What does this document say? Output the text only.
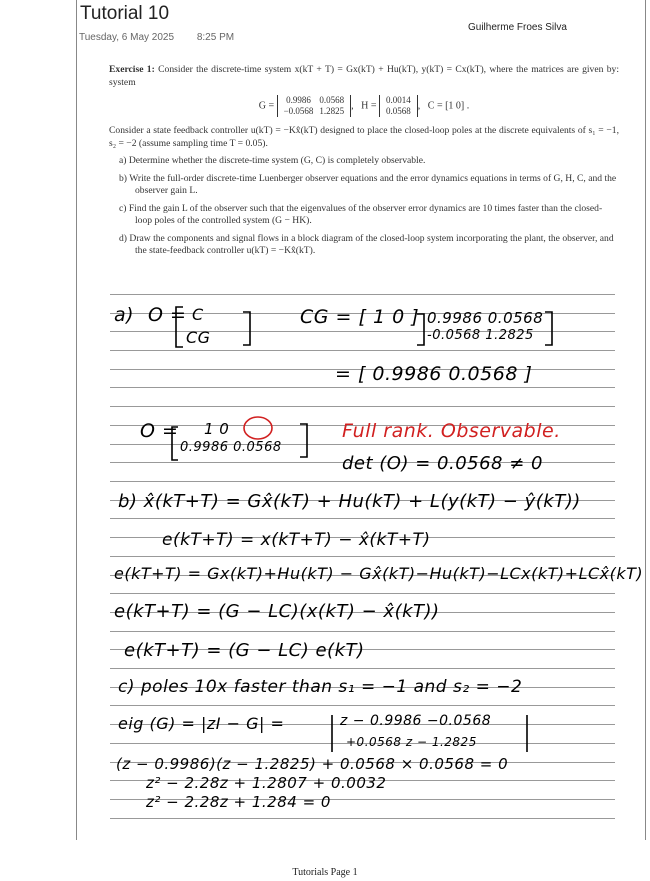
Tutorial 10
Tuesday, 6 May 2025 8:25 PM
Guilherme Froes Silva

Exercise 1: Consider the discrete-time system x(kT + T) = Gx(kT) + Hu(kT), y(kT) = Cx(kT), where the matrices are given by: system

G =
0.9986	0.0568
−0.0568	1.2825 ,   H =
0.0014
0.0568 ,   C = [1 0] .

Consider a state feedback controller u(kT) = −Kx̂(kT) designed to place the closed-loop poles at the discrete equivalents of s₁ = −1, s₂ = −2 (assume sampling time T = 0.05).

a) Determine whether the discrete-time system (G, C) is completely observable.
b) Write the full-order discrete-time Luenberger observer equations and the error dynamics equations in terms of G, H, C, and the observer gain L.
c) Find the gain L of the observer such that the eigenvalues of the observer error dynamics are 10 times faster than the closed-loop poles of the controlled system (G − HK).
d) Draw the components and signal flows in a block diagram of the closed-loop system incorporating the plant, the observer, and the state-feedback controller u(kT) = −Kx̂(kT).
a) O = C
CG
CG = [ 1 0 ] 0.9986 0.0568
-0.0568 1.2825
= [ 0.9986 0.0568 ]
O = 1 0
0.9986 0.0568
Full rank. Observable.
det (O) = 0.0568 ≠ 0
b) x̂(kT+T) = Gx̂(kT) + Hu(kT) + L(y(kT) − ŷ(kT))
e(kT+T) = x(kT+T) − x̂(kT+T)
e(kT+T) = Gx(kT)+Hu(kT) − Gx̂(kT)−Hu(kT)−LCx(kT)+LCx̂(kT)
e(kT+T) = (G − LC)(x(kT) − x̂(kT))
e(kT+T) = (G − LC) e(kT)
c) poles 10x faster than s₁ = −1 and s₂ = −2
eig (G) = |zI − G| =	z − 0.9986 −0.0568
+0.0568 z − 1.2825
(z − 0.9986)(z − 1.2825) + 0.0568 × 0.0568 = 0
z² − 2.28z + 1.2807 + 0.0032
z² − 2.28z + 1.284 = 0
Tutorials Page 1
